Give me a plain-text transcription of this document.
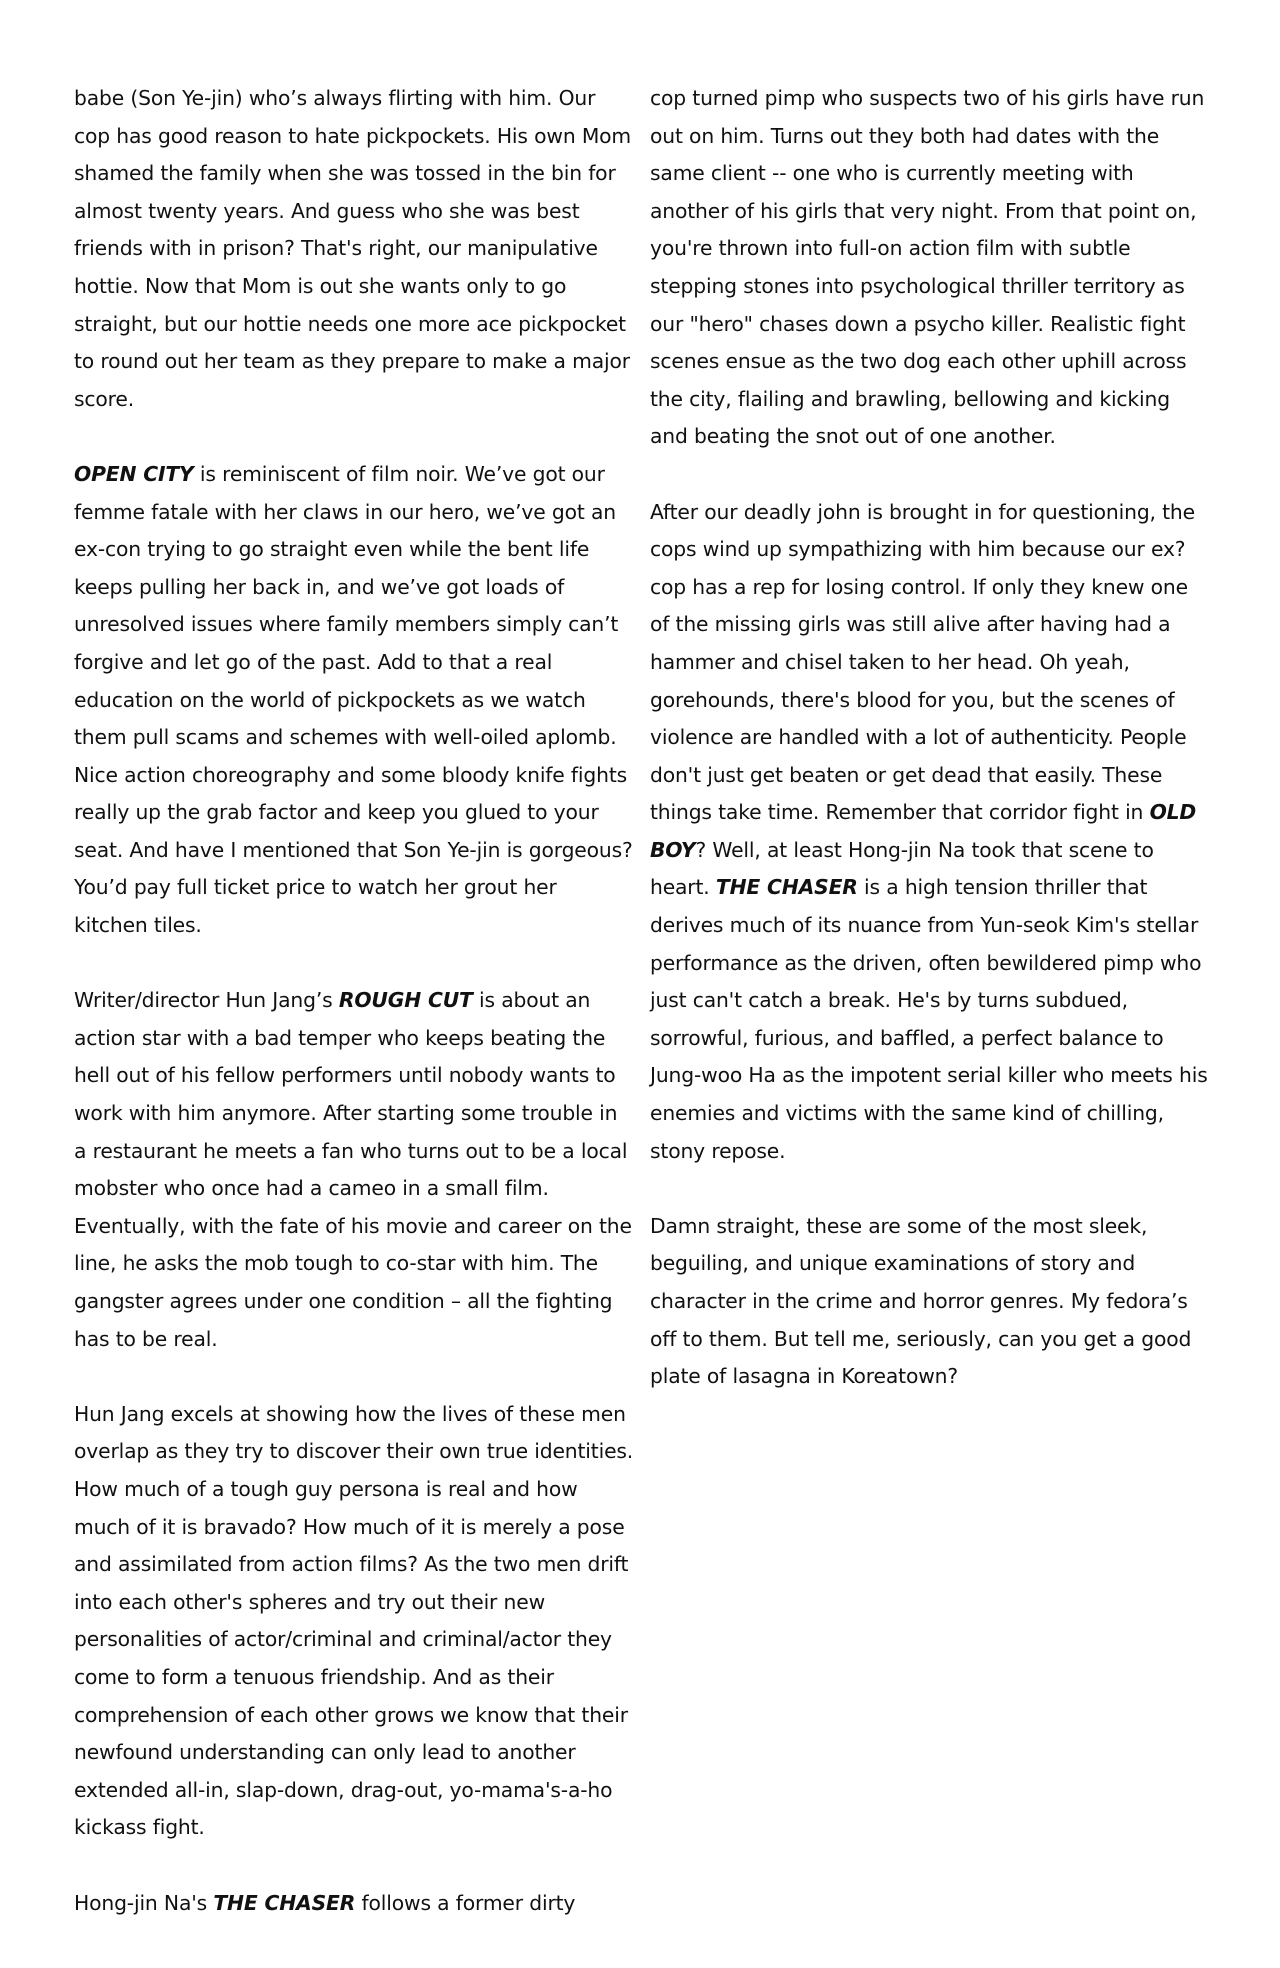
babe (Son Ye-jin) who’s always flirting with him. Our cop has good reason to hate pickpockets. His own Mom shamed the family when she was tossed in the bin for almost twenty years. And guess who she was best friends with in prison? That's right, our manipulative hottie. Now that Mom is out she wants only to go straight, but our hottie needs one more ace pickpocket to round out her team as they prepare to make a major score.

OPEN CITY is reminiscent of film noir. We’ve got our femme fatale with her claws in our hero, we’ve got an ex-con trying to go straight even while the bent life keeps pulling her back in, and we’ve got loads of unresolved issues where family members simply can’t forgive and let go of the past. Add to that a real education on the world of pickpockets as we watch them pull scams and schemes with well-oiled aplomb. Nice action choreography and some bloody knife fights really up the grab factor and keep you glued to your seat. And have I mentioned that Son Ye-jin is gorgeous? You’d pay full ticket price to watch her grout her kitchen tiles.

Writer/director Hun Jang’s ROUGH CUT is about an action star with a bad temper who keeps beating the hell out of his fellow performers until nobody wants to work with him anymore. After starting some trouble in a restaurant he meets a fan who turns out to be a local mobster who once had a cameo in a small film. Eventually, with the fate of his movie and career on the line, he asks the mob tough to co-star with him. The gangster agrees under one condition – all the fighting has to be real.

Hun Jang excels at showing how the lives of these men overlap as they try to discover their own true identities. How much of a tough guy persona is real and how much of it is bravado? How much of it is merely a pose and assimilated from action films? As the two men drift into each other's spheres and try out their new personalities of actor/criminal and criminal/actor they come to form a tenuous friendship. And as their comprehension of each other grows we know that their newfound understanding can only lead to another extended all-in, slap-down, drag-out, yo-mama's-a-ho kickass fight.

Hong-jin Na's THE CHASER follows a former dirty

cop turned pimp who suspects two of his girls have run out on him. Turns out they both had dates with the same client -- one who is currently meeting with another of his girls that very night. From that point on, you're thrown into full-on action film with subtle stepping stones into psychological thriller territory as our "hero" chases down a psycho killer. Realistic fight scenes ensue as the two dog each other uphill across the city, flailing and brawling, bellowing and kicking and beating the snot out of one another.

After our deadly john is brought in for questioning, the cops wind up sympathizing with him because our ex?cop has a rep for losing control. If only they knew one of the missing girls was still alive after having had a hammer and chisel taken to her head. Oh yeah, gorehounds, there's blood for you, but the scenes of violence are handled with a lot of authenticity. People don't just get beaten or get dead that easily. These things take time. Remember that corridor fight in OLD BOY? Well, at least Hong-jin Na took that scene to heart. THE CHASER is a high tension thriller that derives much of its nuance from Yun-seok Kim's stellar performance as the driven, often bewildered pimp who just can't catch a break. He's by turns subdued, sorrowful, furious, and baffled, a perfect balance to Jung-woo Ha as the impotent serial killer who meets his enemies and victims with the same kind of chilling, stony repose.

Damn straight, these are some of the most sleek, beguiling, and unique examinations of story and character in the crime and horror genres. My fedora’s off to them. But tell me, seriously, can you get a good plate of lasagna in Koreatown?
